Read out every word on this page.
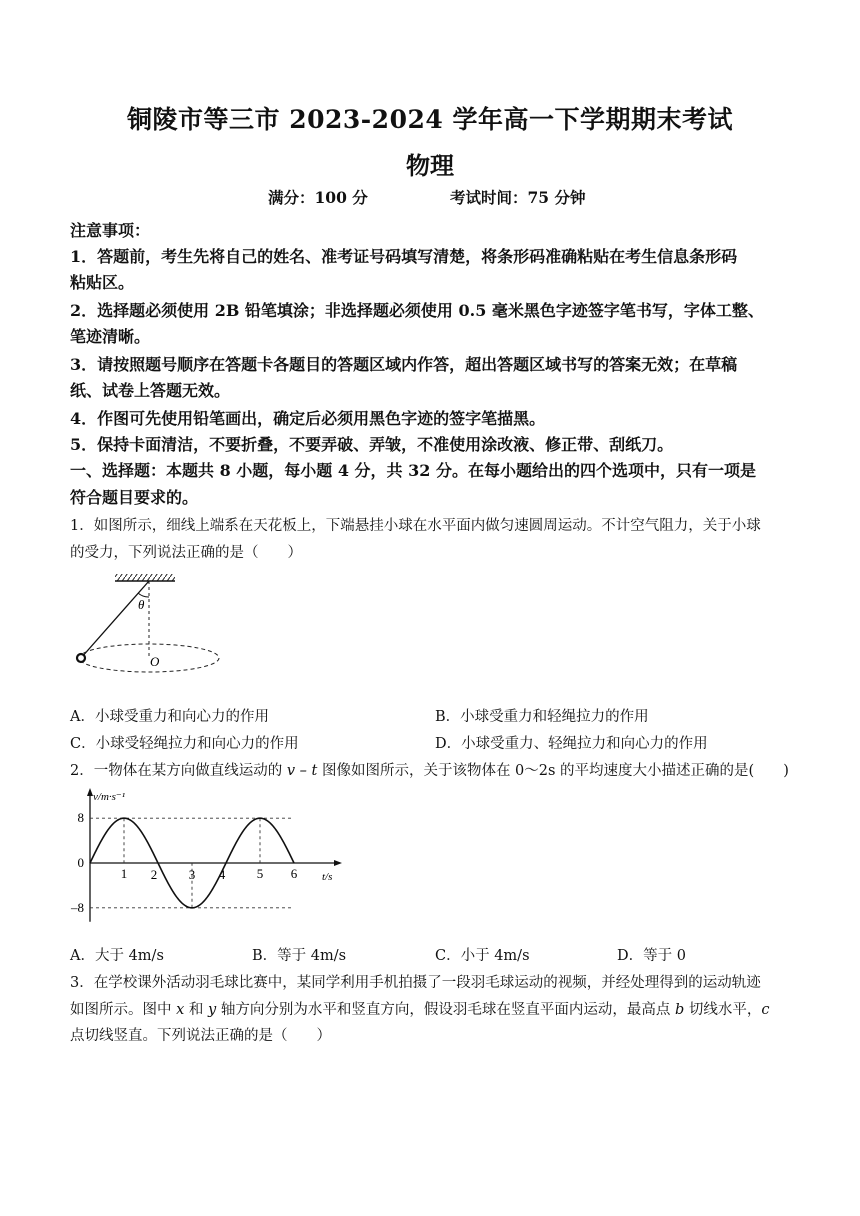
铜陵市等三市 2023-2024 学年高一下学期期末考试
物理
满分：100 分	考试时间：75 分钟
注意事项：
1．答题前，考生先将自己的姓名、准考证号码填写清楚，将条形码准确粘贴在考生信息条形码
粘贴区。
2．选择题必须使用 2B 铅笔填涂；非选择题必须使用 0.5 毫米黑色字迹签字笔书写，字体工整、
笔迹清晰。
3．请按照题号顺序在答题卡各题目的答题区域内作答，超出答题区域书写的答案无效；在草稿
纸、试卷上答题无效。
4．作图可先使用铅笔画出，确定后必须用黑色字迹的签字笔描黑。
5．保持卡面清洁，不要折叠，不要弄破、弄皱，不准使用涂改液、修正带、刮纸刀。
一、选择题：本题共 8 小题，每小题 4 分，共 32 分。在每小题给出的四个选项中，只有一项是
符合题目要求的。
1．如图所示，细线上端系在天花板上，下端悬挂小球在水平面内做匀速圆周运动。不计空气阻力，关于小球
的受力，下列说法正确的是（　　）
θ
O
A．小球受重力和向心力的作用	B．小球受重力和轻绳拉力的作用
C．小球受轻绳拉力和向心力的作用	D．小球受重力、轻绳拉力和向心力的作用
2．一物体在某方向做直线运动的 v – t 图像如图所示，关于该物体在 0～2s 的平均速度大小描述正确的是(　　)
v/m·s⁻¹
t/s
8
0
–8
1 2 3 4 5 6
A．大于 4m/s	B．等于 4m/s	C．小于 4m/s	D．等于 0
3．在学校课外活动羽毛球比赛中，某同学利用手机拍摄了一段羽毛球运动的视频，并经处理得到的运动轨迹
如图所示。图中 x 和 y 轴方向分别为水平和竖直方向，假设羽毛球在竖直平面内运动，最高点 b 切线水平，c
点切线竖直。下列说法正确的是（　　）
